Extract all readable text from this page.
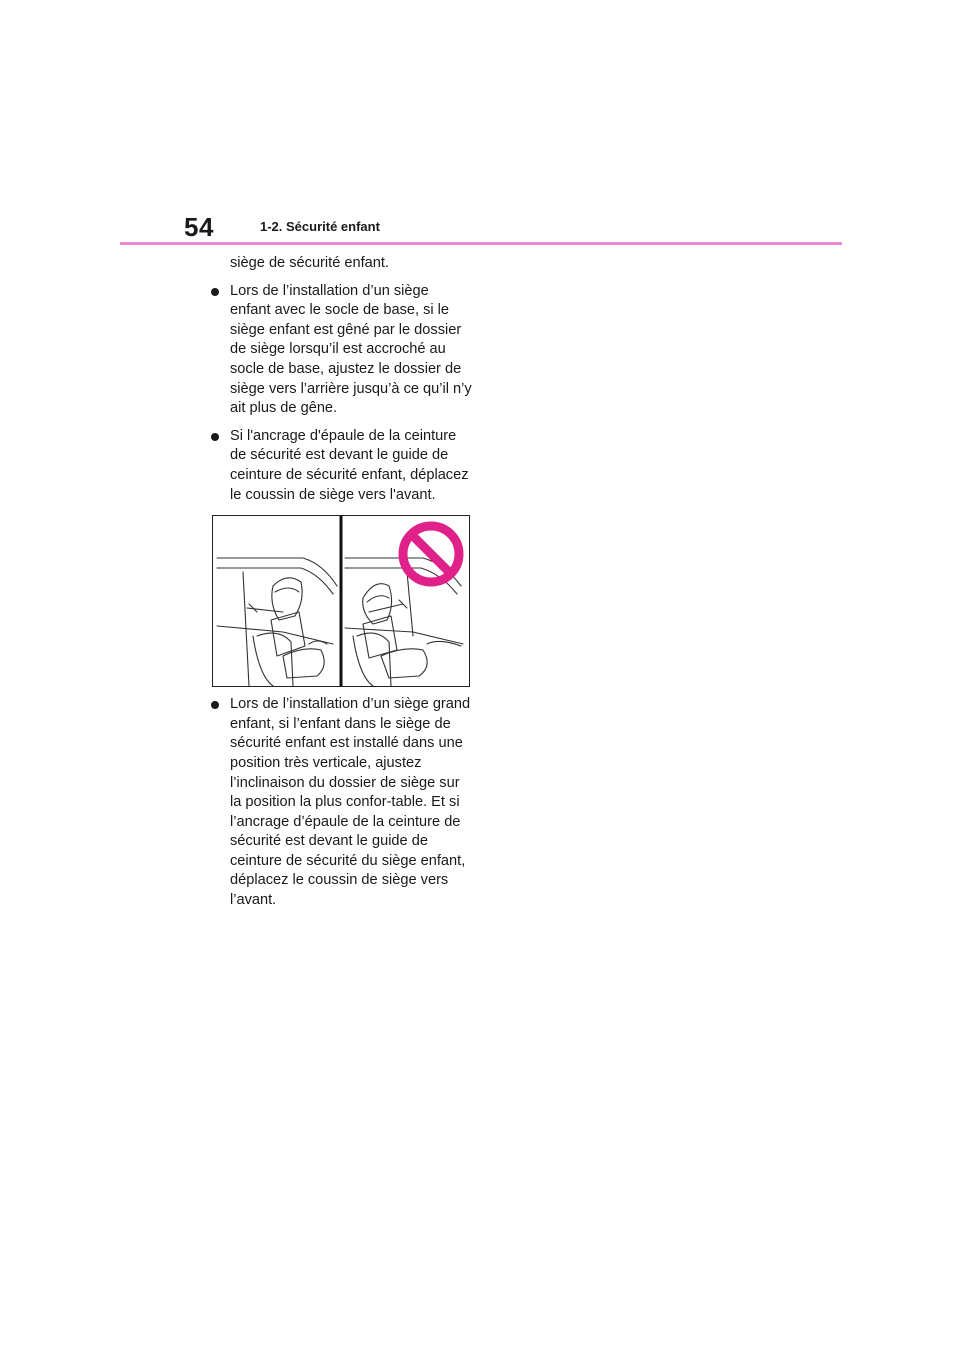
54	1-2. Sécurité enfant

siège de sécurité enfant.

Lors de l’installation d’un siège enfant avec le socle de base, si le siège enfant est gêné par le dossier de siège lorsqu’il est accroché au socle de base, ajustez le dossier de siège vers l’arrière jusqu’à ce qu’il n’y ait plus de gêne.
Si l'ancrage d'épaule de la ceinture de sécurité est devant le guide de ceinture de sécurité enfant, déplacez le coussin de siège vers l'avant.
Lors de l’installation d’un siège grand enfant, si l’enfant dans le siège de sécurité enfant est installé dans une position très verticale, ajustez l’inclinaison du dossier de siège sur la position la plus confor-table. Et si l’ancrage d’épaule de la ceinture de sécurité est devant le guide de ceinture de sécurité du siège enfant, déplacez le coussin de siège vers l’avant.
